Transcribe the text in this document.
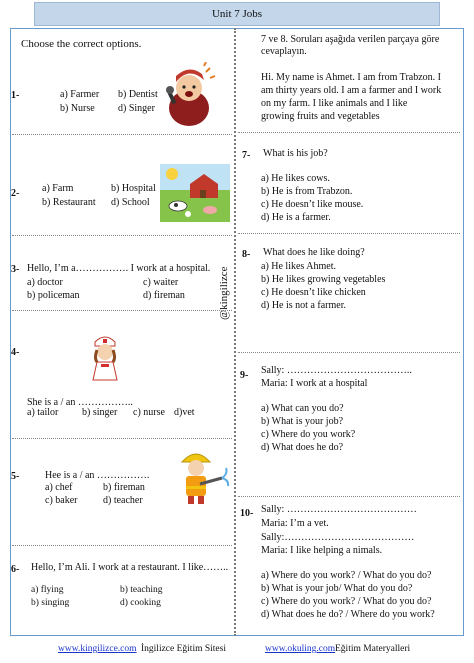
Unit 7 Jobs
@kingilizce
Choose the correct options.
1-	a) Farmer b) Dentist
b) Nurse d) Singer
2- a) Farm	b) Hospital
b) Restaurant d) School
3- Hello, I’m a……………. I work at a hospital.
a) doctor	c) waiter
b) policeman	d) fireman
4-
She is a / an ……………..
a) tailor b) singer c) nurse d)vet
5-	Hee is a / an …………….
a) chef	b) fireman
c) baker	d) teacher
6- Hello, I’m Ali. I work at a restaurant. I like……..
a) flying	b) teaching
b) singing	d) cooking
7 ve 8. Soruları aşağıda verilen parçaya göre
cevaplayın.
Hi. My name is Ahmet. I am from Trabzon. I
am thirty years old. I am a farmer and I work
on my farm. I like animals and I like
growing fruits and vegetables
7- What is his job?
a) He likes cows.
b) He is from Trabzon.
c) He doesn’t like mouse.
d) He is a farmer.
8- What does he like doing?
a) He likes Ahmet.
b) He likes growing vegetables
c) He doesn’t like chicken
d) He is not a farmer.
9- Sally: ………………………………..
Maria: I work at a hospital
a) What can you do?
b) What is your job?
c) Where do you work?
d) What does he do?
10- Sally: …………………………………
Maria: I’m a vet.
Sally:…………………………………
Maria: I like helping a nimals.
a) Where do you work? / What do you do?
b) What is your job/ What do you do?
c) Where do you work? / What do you do?
d) What does he do? / Where do you work?
www.kingilizce.com İngilizce Eğitim Sitesi	www.okuling.com Eğitim Materyalleri
